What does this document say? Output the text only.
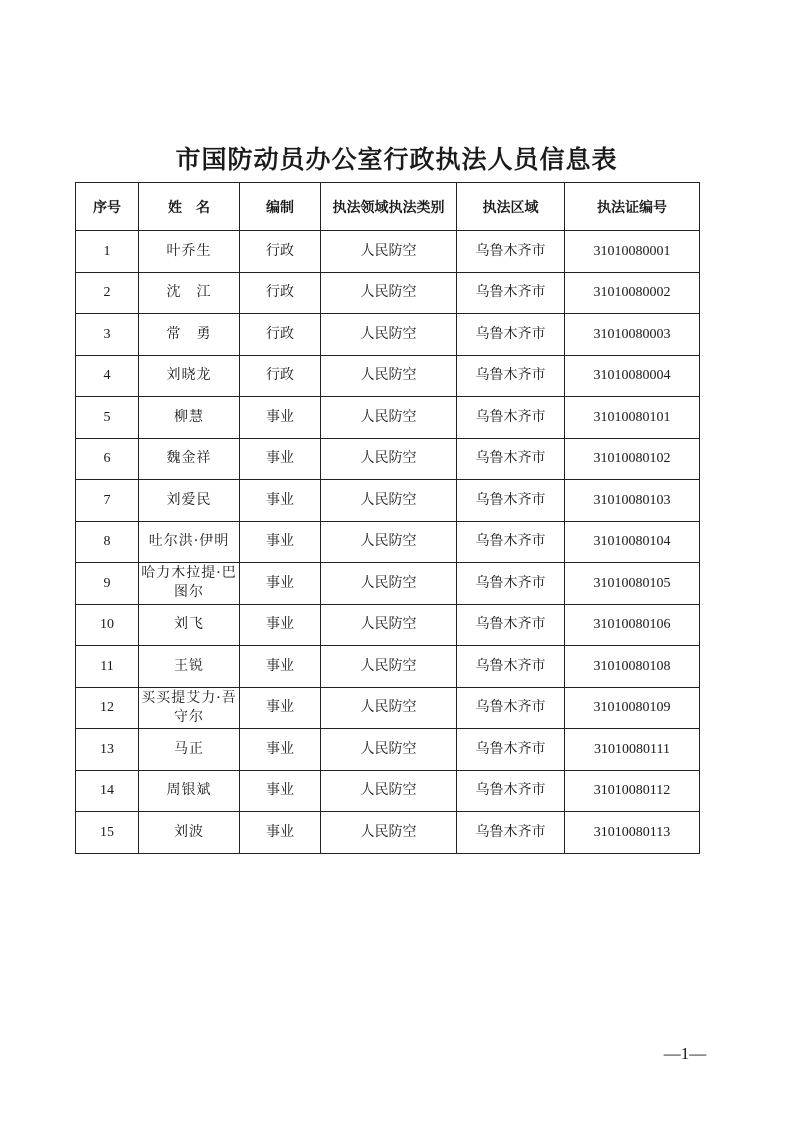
市国防动员办公室行政执法人员信息表
序号	姓　名	编制	执法领域执法类别	执法区域	执法证编号
1	叶乔生	行政	人民防空	乌鲁木齐市	31010080001
2	沈　江	行政	人民防空	乌鲁木齐市	31010080002
3	常　勇	行政	人民防空	乌鲁木齐市	31010080003
4	刘晓龙	行政	人民防空	乌鲁木齐市	31010080004
5	柳慧	事业	人民防空	乌鲁木齐市	31010080101
6	魏金祥	事业	人民防空	乌鲁木齐市	31010080102
7	刘爱民	事业	人民防空	乌鲁木齐市	31010080103
8	吐尔洪·伊明	事业	人民防空	乌鲁木齐市	31010080104
9	哈力木拉提·巴图尔	事业	人民防空	乌鲁木齐市	31010080105
10	刘飞	事业	人民防空	乌鲁木齐市	31010080106
11	王锐	事业	人民防空	乌鲁木齐市	31010080108
12	买买提艾力·吾守尔	事业	人民防空	乌鲁木齐市	31010080109
13	马正	事业	人民防空	乌鲁木齐市	31010080111
14	周银斌	事业	人民防空	乌鲁木齐市	31010080112
15	刘波	事业	人民防空	乌鲁木齐市	31010080113
—1—
